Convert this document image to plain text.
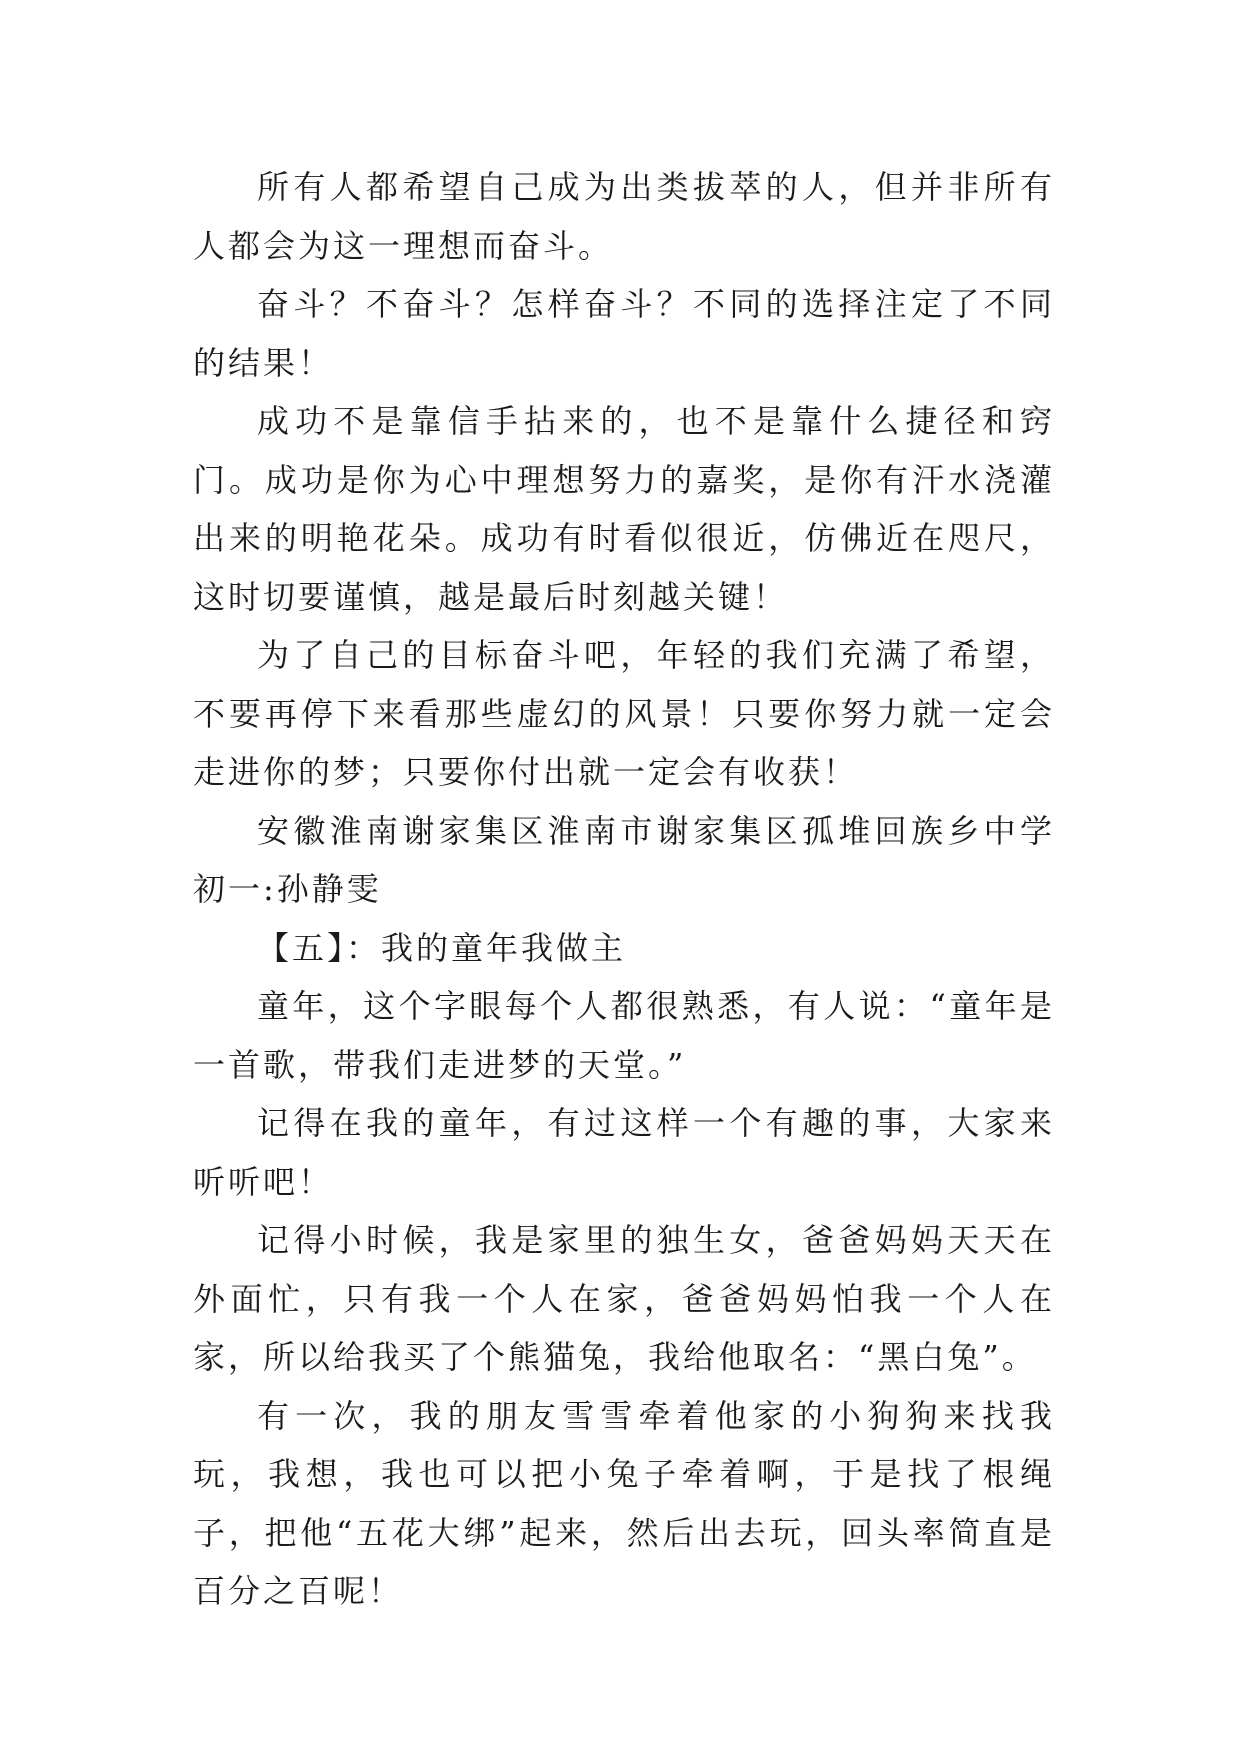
所有人都希望自己成为出类拔萃的人，但并非所有人都会为这一理想而奋斗。

奋斗？不奋斗？怎样奋斗？不同的选择注定了不同的结果！

成功不是靠信手拈来的，也不是靠什么捷径和窍门。成功是你为心中理想努力的嘉奖，是你有汗水浇灌出来的明艳花朵。成功有时看似很近，仿佛近在咫尺，这时切要谨慎，越是最后时刻越关键！

为了自己的目标奋斗吧，年轻的我们充满了希望，不要再停下来看那些虚幻的风景！只要你努力就一定会走进你的梦；只要你付出就一定会有收获！

安徽淮南谢家集区淮南市谢家集区孤堆回族乡中学初一:孙静雯

【五】：我的童年我做主

童年，这个字眼每个人都很熟悉，有人说：“童年是一首歌，带我们走进梦的天堂。”

记得在我的童年，有过这样一个有趣的事，大家来听听吧！

记得小时候，我是家里的独生女，爸爸妈妈天天在外面忙，只有我一个人在家，爸爸妈妈怕我一个人在家，所以给我买了个熊猫兔，我给他取名：“黑白兔”。

有一次，我的朋友雪雪牵着他家的小狗狗来找我玩，我想，我也可以把小兔子牵着啊，于是找了根绳子，把他“五花大绑”起来，然后出去玩，回头率简直是百分之百呢！
